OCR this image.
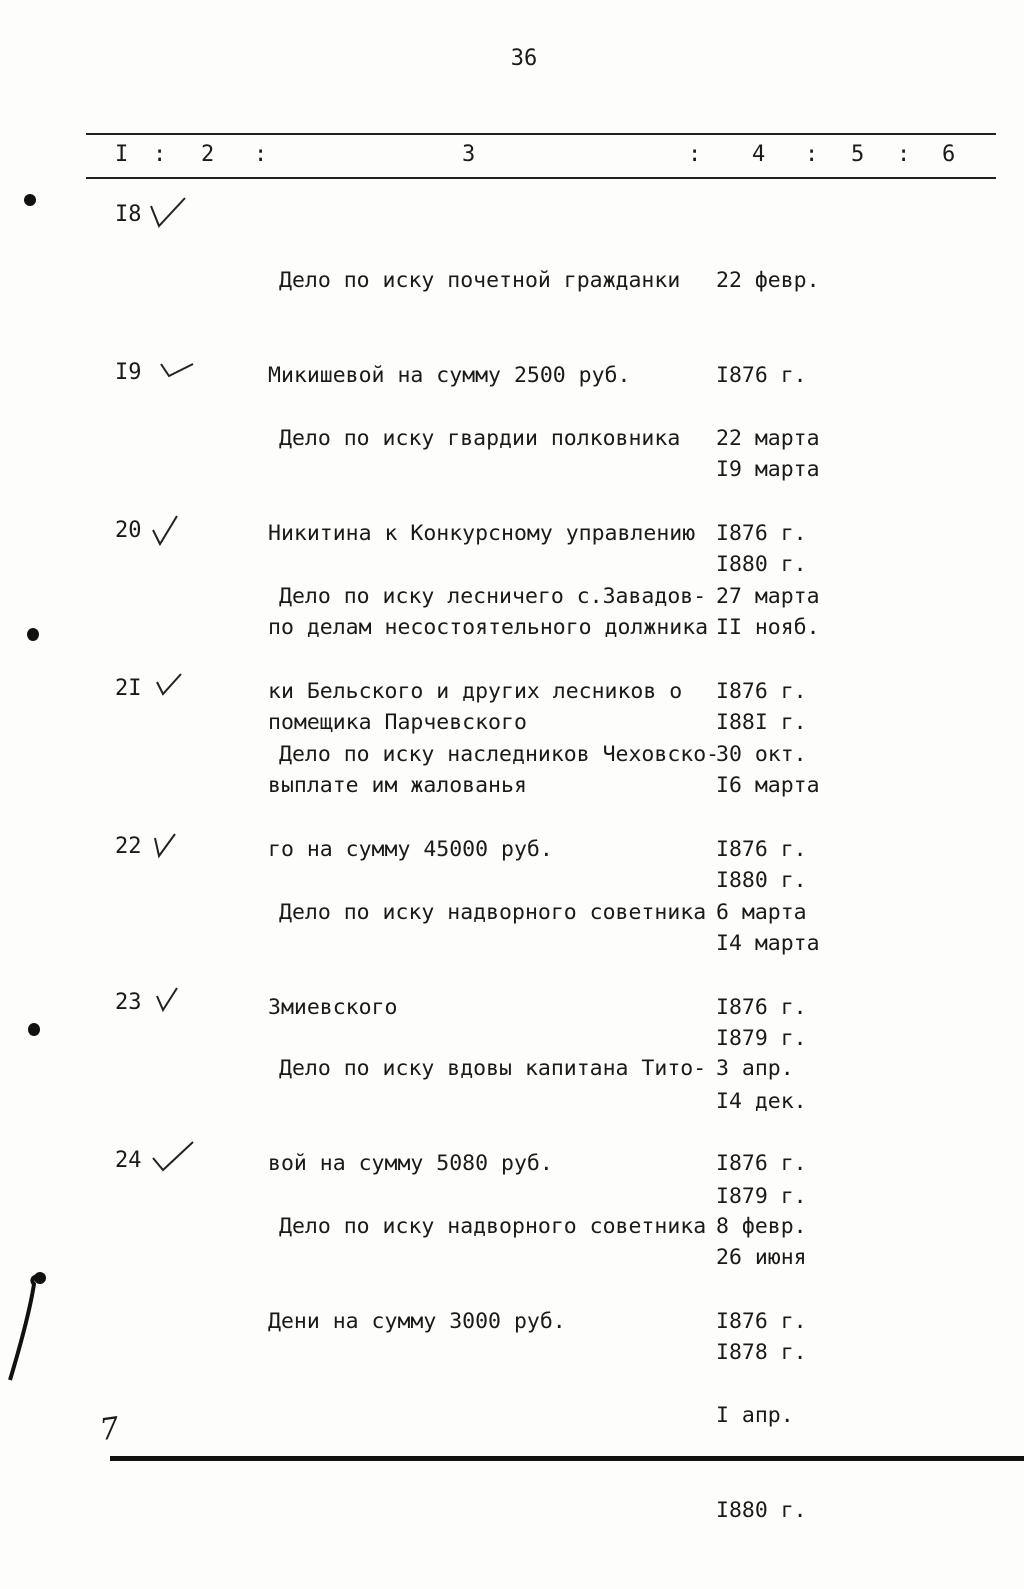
36
I : 2 :	3	: 4 : 5 : 6
I8

Дело по иску почетной гражданки

Микишевой на сумму 2500 руб.

22 февр.

I876 г.

I9 марта

I880 г.

I9

Дело по иску гвардии полковника

Никитина к Конкурсному управлению

по делам несостоятельного должника

помещика Парчевского

22 марта

I876 г.

II нояб.

I88I г.

20

Дело по иску лесничего с.Завадов-

ки Бельского и других лесников о

выплате им жалованья

27 марта

I876 г.

I6 марта

I880 г.

2I

Дело по иску наследников Чеховско-

го на сумму 45000 руб.

30 окт.

I876 г.

I4 марта

I879 г.

22

Дело по иску надворного советника

Змиевского

6 марта

I876 г.

I4 дек.

I879 г.

23

Дело по иску вдовы капитана Тито-

вой на сумму 5080 руб.

3 апр.

I876 г.

26 июня

I878 г.

24

Дело по иску надворного советника

Дени на сумму 3000 руб.

8 февр.

I876 г.

I апр.

I880 г.

7
